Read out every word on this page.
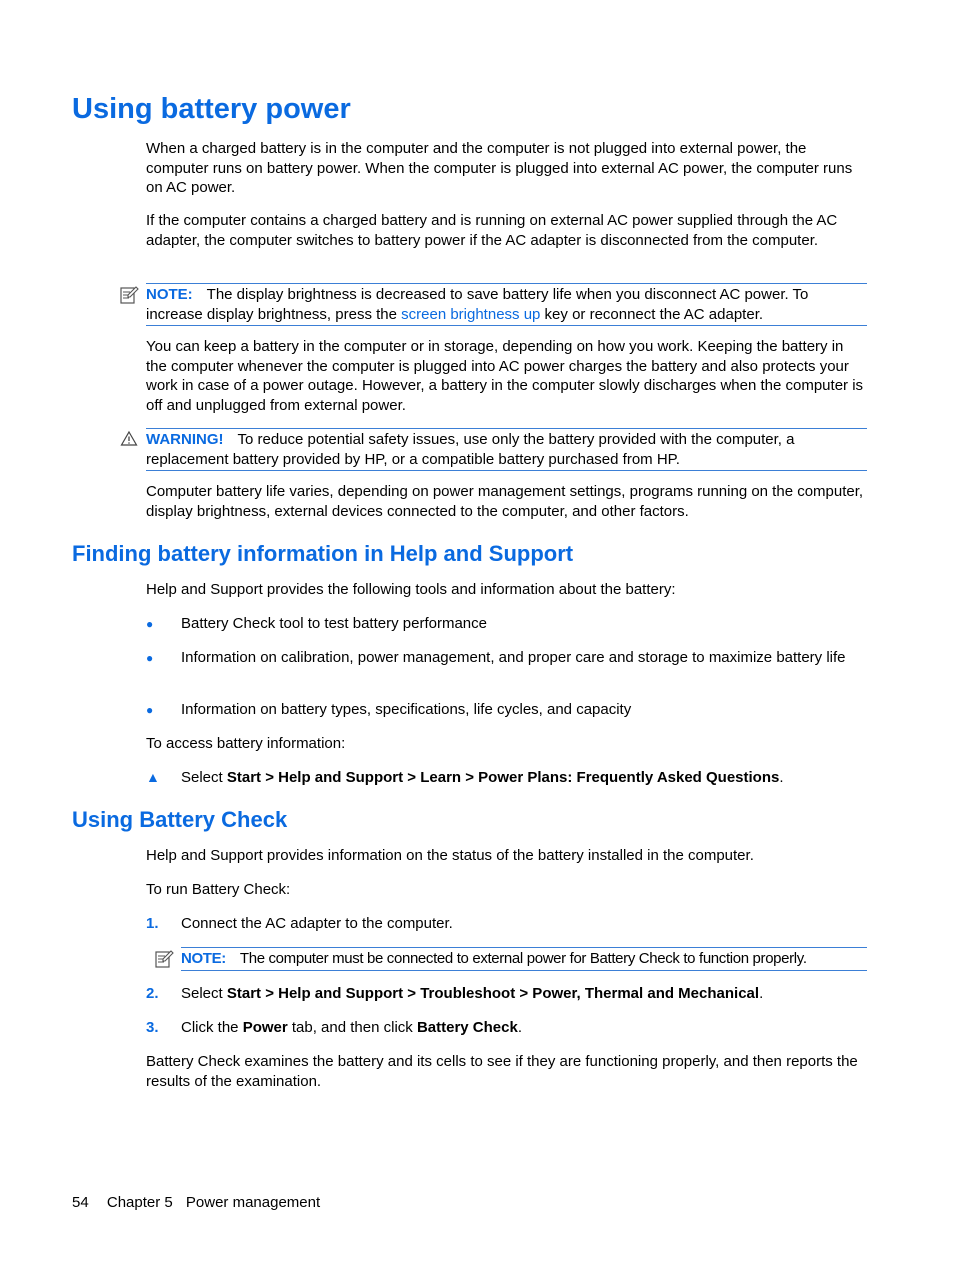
Using battery power

When a charged battery is in the computer and the computer is not plugged into external power, the computer runs on battery power. When the computer is plugged into external AC power, the computer runs on AC power.

If the computer contains a charged battery and is running on external AC power supplied through the AC adapter, the computer switches to battery power if the AC adapter is disconnected from the computer.

NOTE: The display brightness is decreased to save battery life when you disconnect AC power. To increase display brightness, press the screen brightness up key or reconnect the AC adapter.

You can keep a battery in the computer or in storage, depending on how you work. Keeping the battery in the computer whenever the computer is plugged into AC power charges the battery and also protects your work in case of a power outage. However, a battery in the computer slowly discharges when the computer is off and unplugged from external power.

WARNING! To reduce potential safety issues, use only the battery provided with the computer, a replacement battery provided by HP, or a compatible battery purchased from HP.

Computer battery life varies, depending on power management settings, programs running on the computer, display brightness, external devices connected to the computer, and other factors.

Finding battery information in Help and Support

Help and Support provides the following tools and information about the battery:

● Battery Check tool to test battery performance

● Information on calibration, power management, and proper care and storage to maximize battery life

● Information on battery types, specifications, life cycles, and capacity

To access battery information:

▲ Select Start > Help and Support > Learn > Power Plans: Frequently Asked Questions.

Using Battery Check

Help and Support provides information on the status of the battery installed in the computer.

To run Battery Check:

1. Connect the AC adapter to the computer.

NOTE: The computer must be connected to external power for Battery Check to function properly.
2. Select Start > Help and Support > Troubleshoot > Power, Thermal and Mechanical.

3. Click the Power tab, and then click Battery Check.

Battery Check examines the battery and its cells to see if they are functioning properly, and then reports the results of the examination.

54 Chapter 5 Power management
